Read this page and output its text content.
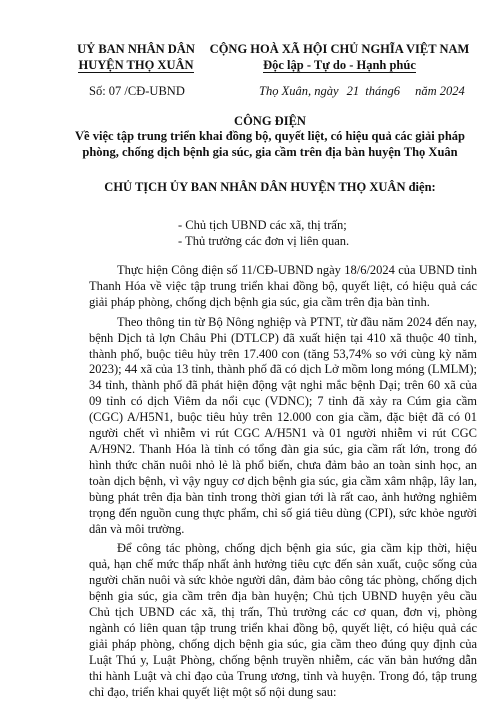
UỶ BAN NHÂN DÂN
HUYỆN THỌ XUÂN
CỘNG HOÀ XÃ HỘI CHỦ NGHĨA VIỆT NAM
Độc lập - Tự do - Hạnh phúc
Số: 07 /CĐ-UBND	Thọ Xuân, ngày 21 tháng6 năm 2024
CÔNG ĐIỆN
Về việc tập trung triển khai đồng bộ, quyết liệt, có hiệu quả các giải pháp
phòng, chống dịch bệnh gia súc, gia cầm trên địa bàn huyện Thọ Xuân
CHỦ TỊCH ỦY BAN NHÂN DÂN HUYỆN THỌ XUÂN điện:
- Chủ tịch UBND các xã, thị trấn;
- Thủ trưởng các đơn vị liên quan.

Thực hiện Công điện số 11/CĐ-UBND ngày 18/6/2024 của UBND tỉnh Thanh Hóa về việc tập trung triển khai đồng bộ, quyết liệt, có hiệu quả các giải pháp phòng, chống dịch bệnh gia súc, gia cầm trên địa bàn tỉnh.

Theo thông tin từ Bộ Nông nghiệp và PTNT, từ đầu năm 2024 đến nay, bệnh Dịch tả lợn Châu Phi (DTLCP) đã xuất hiện tại 410 xã thuộc 40 tỉnh, thành phố, buộc tiêu hủy trên 17.400 con (tăng 53,74% so với cùng kỳ năm 2023); 44 xã của 13 tỉnh, thành phố đã có dịch Lở mồm long móng (LMLM); 34 tỉnh, thành phố đã phát hiện động vật nghi mắc bệnh Dại; trên 60 xã của 09 tỉnh có dịch Viêm da nổi cục (VDNC); 7 tỉnh đã xảy ra Cúm gia cầm (CGC) A/H5N1, buộc tiêu hủy trên 12.000 con gia cầm, đặc biệt đã có 01 người chết vì nhiễm vi rút CGC A/H5N1 và 01 người nhiễm vi rút CGC A/H9N2. Thanh Hóa là tỉnh có tổng đàn gia súc, gia cầm rất lớn, trong đó hình thức chăn nuôi nhỏ lẻ là phổ biến, chưa đảm bảo an toàn sinh học, an toàn dịch bệnh, vì vậy nguy cơ dịch bệnh gia súc, gia cầm xâm nhập, lây lan, bùng phát trên địa bàn tỉnh trong thời gian tới là rất cao, ảnh hưởng nghiêm trọng đến nguồn cung thực phẩm, chỉ số giá tiêu dùng (CPI), sức khỏe người dân và môi trường.

Để công tác phòng, chống dịch bệnh gia súc, gia cầm kịp thời, hiệu quả, hạn chế mức thấp nhất ảnh hưởng tiêu cực đến sản xuất, cuộc sống của người chăn nuôi và sức khỏe người dân, đảm bảo công tác phòng, chống dịch bệnh gia súc, gia cầm trên địa bàn huyện; Chủ tịch UBND huyện yêu cầu Chủ tịch UBND các xã, thị trấn, Thủ trưởng các cơ quan, đơn vị, phòng ngành có liên quan tập trung triển khai đồng bộ, quyết liệt, có hiệu quả các giải pháp phòng, chống dịch bệnh gia súc, gia cầm theo đúng quy định của Luật Thú y, Luật Phòng, chống bệnh truyền nhiễm, các văn bản hướng dẫn thi hành Luật và chỉ đạo của Trung ương, tỉnh và huyện. Trong đó, tập trung chỉ đạo, triển khai quyết liệt một số nội dung sau:
